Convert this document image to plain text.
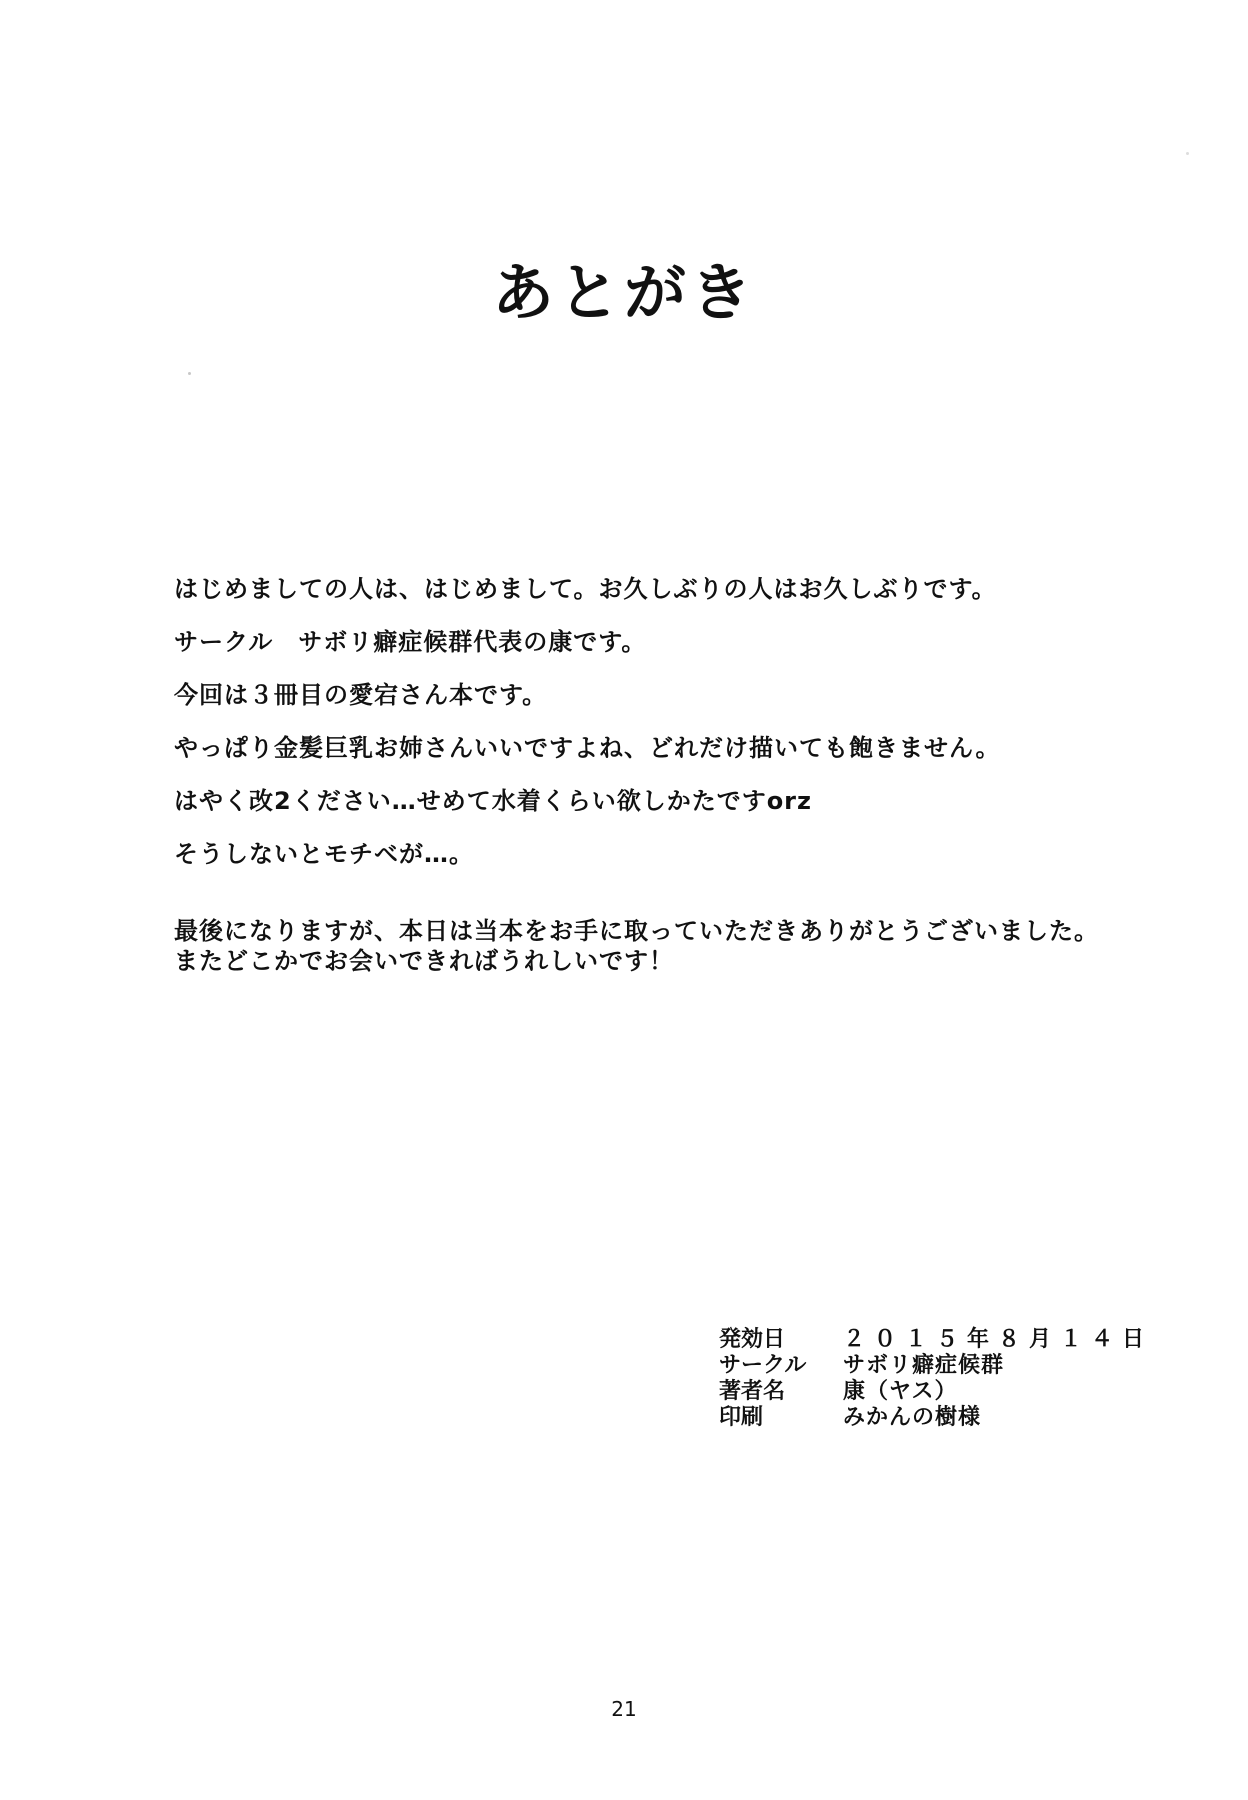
あとがき
はじめましての人は、はじめまして。お久しぶりの人はお久しぶりです。
サークル　サボリ癖症候群代表の康です。
今回は３冊目の愛宕さん本です。
やっぱり金髪巨乳お姉さんいいですよね、どれだけ描いても飽きません。
はやく改2ください…せめて水着くらい欲しかたですorz
そうしないとモチベが…。
最後になりますが、本日は当本をお手に取っていただきありがとうございました。
またどこかでお会いできればうれしいです！
発効日	２０１５年８月１４日
サークル	サボリ癖症候群
著者名	康（ヤス）
印刷	みかんの樹様
21
